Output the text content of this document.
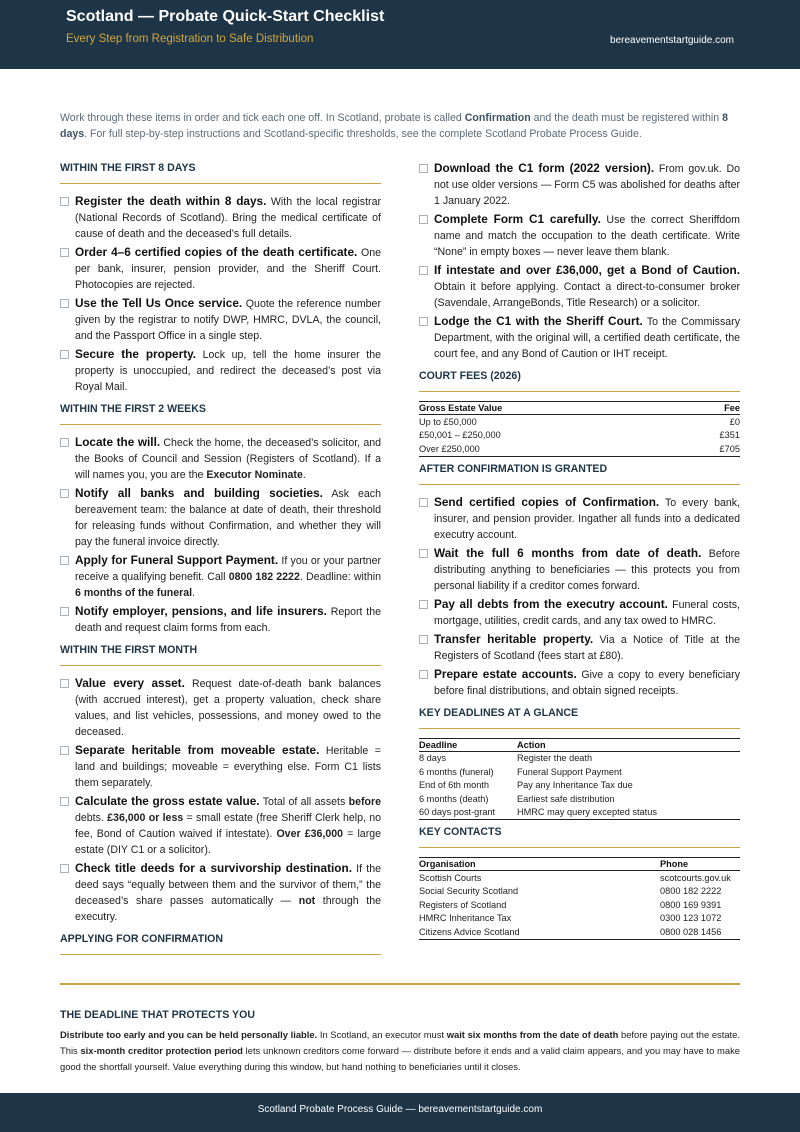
Scotland — Probate Quick-Start Checklist
Every Step from Registration to Safe Distribution	bereavementstartguide.com
Work through these items in order and tick each one off. In Scotland, probate is called Confirmation and the death must be registered within 8 days. For full step-by-step instructions and Scotland-specific thresholds, see the complete Scotland Probate Process Guide.
WITHIN THE FIRST 8 DAYS
Register the death within 8 days. With the local registrar (National Records of Scotland). Bring the medical certificate of cause of death and the deceased’s full details.
Order 4–6 certified copies of the death certificate. One per bank, insurer, pension provider, and the Sheriff Court. Photocopies are rejected.
Use the Tell Us Once service. Quote the reference number given by the registrar to notify DWP, HMRC, DVLA, the council, and the Passport Office in a single step.
Secure the property. Lock up, tell the home insurer the property is unoccupied, and redirect the deceased’s post via Royal Mail.
WITHIN THE FIRST 2 WEEKS
Locate the will. Check the home, the deceased’s solicitor, and the Books of Council and Session (Registers of Scotland). If a will names you, you are the Executor Nominate.
Notify all banks and building societies. Ask each bereavement team: the balance at date of death, their threshold for releasing funds without Confirmation, and whether they will pay the funeral invoice directly.
Apply for Funeral Support Payment. If you or your partner receive a qualifying benefit. Call 0800 182 2222. Deadline: within 6 months of the funeral.
Notify employer, pensions, and life insurers. Report the death and request claim forms from each.
WITHIN THE FIRST MONTH
Value every asset. Request date-of-death bank balances (with accrued interest), get a property valuation, check share values, and list vehicles, possessions, and money owed to the deceased.
Separate heritable from moveable estate. Heritable = land and buildings; moveable = everything else. Form C1 lists them separately.
Calculate the gross estate value. Total of all assets before debts. £36,000 or less = small estate (free Sheriff Clerk help, no fee, Bond of Caution waived if intestate). Over £36,000 = large estate (DIY C1 or a solicitor).
Check title deeds for a survivorship destination. If the deed says “equally between them and the survivor of them,” the deceased’s share passes automatically — not through the executry.
APPLYING FOR CONFIRMATION
Download the C1 form (2022 version). From gov.uk. Do not use older versions — Form C5 was abolished for deaths after 1 January 2022.
Complete Form C1 carefully. Use the correct Sheriffdom name and match the occupation to the death certificate. Write “None” in empty boxes — never leave them blank.
If intestate and over £36,000, get a Bond of Caution. Obtain it before applying. Contact a direct-to-consumer broker (Savendale, ArrangeBonds, Title Research) or a solicitor.
Lodge the C1 with the Sheriff Court. To the Commissary Department, with the original will, a certified death certificate, the court fee, and any Bond of Caution or IHT receipt.
COURT FEES (2026)
Gross Estate Value	Fee
Up to £50,000	£0
£50,001 – £250,000	£351
Over £250,000	£705
AFTER CONFIRMATION IS GRANTED
Send certified copies of Confirmation. To every bank, insurer, and pension provider. Ingather all funds into a dedicated executry account.
Wait the full 6 months from date of death. Before distributing anything to beneficiaries — this protects you from personal liability if a creditor comes forward.
Pay all debts from the executry account. Funeral costs, mortgage, utilities, credit cards, and any tax owed to HMRC.
Transfer heritable property. Via a Notice of Title at the Registers of Scotland (fees start at £80).
Prepare estate accounts. Give a copy to every beneficiary before final distributions, and obtain signed receipts.
KEY DEADLINES AT A GLANCE
Deadline	Action
8 days	Register the death
6 months (funeral)	Funeral Support Payment
End of 6th month	Pay any Inheritance Tax due
6 months (death)	Earliest safe distribution
60 days post-grant	HMRC may query excepted status
KEY CONTACTS
Organisation	Phone
Scottish Courts	scotcourts.gov.uk
Social Security Scotland	0800 182 2222
Registers of Scotland	0800 169 9391
HMRC Inheritance Tax	0300 123 1072
Citizens Advice Scotland	0800 028 1456
THE DEADLINE THAT PROTECTS YOU
Distribute too early and you can be held personally liable. In Scotland, an executor must wait six months from the date of death before paying out the estate. This six-month creditor protection period lets unknown creditors come forward — distribute before it ends and a valid claim appears, and you may have to make good the shortfall yourself. Value everything during this window, but hand nothing to beneficiaries until it closes.
Scotland Probate Process Guide — bereavementstartguide.com
